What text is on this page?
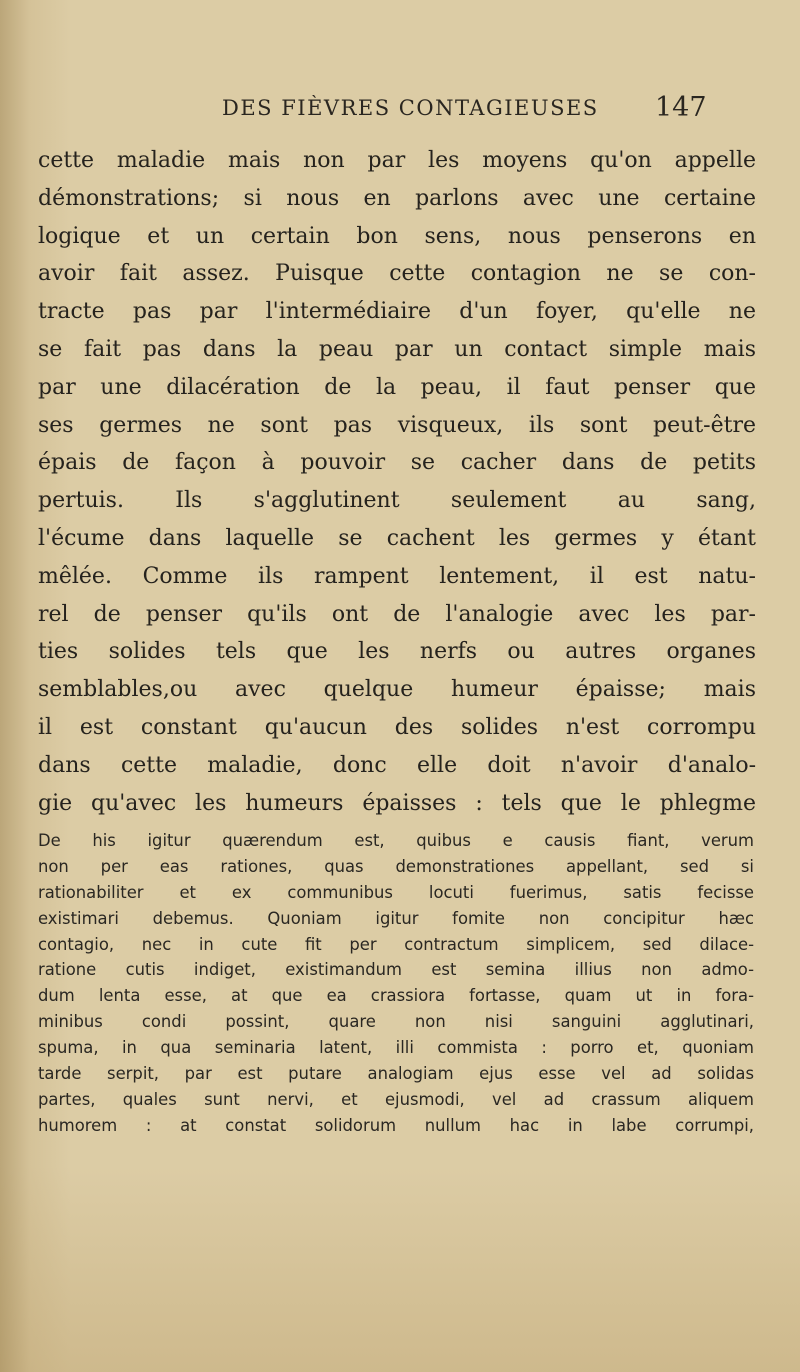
DES FIÈVRES CONTAGIEUSES 147
cette maladie mais non par les moyens qu'on appelle
démonstrations; si nous en parlons avec une certaine
logique et un certain bon sens, nous penserons en
avoir fait assez. Puisque cette contagion ne se con-
tracte pas par l'intermédiaire d'un foyer, qu'elle ne
se fait pas dans la peau par un contact simple mais
par une dilacération de la peau, il faut penser que
ses germes ne sont pas visqueux, ils sont peut-être
épais de façon à pouvoir se cacher dans de petits
pertuis. Ils s'agglutinent seulement au sang,
l'écume dans laquelle se cachent les germes y étant
mêlée. Comme ils rampent lentement, il est natu-
rel de penser qu'ils ont de l'analogie avec les par-
ties solides tels que les nerfs ou autres organes
semblables,ou avec quelque humeur épaisse; mais
il est constant qu'aucun des solides n'est corrompu
dans cette maladie, donc elle doit n'avoir d'analo-
gie qu'avec les humeurs épaisses : tels que le phlegme
De his igitur quærendum est, quibus e causis fiant, verum
non per eas rationes, quas demonstrationes appellant, sed si
rationabiliter et ex communibus locuti fuerimus, satis fecisse
existimari debemus. Quoniam igitur fomite non concipitur hæc
contagio, nec in cute fit per contractum simplicem, sed dilace-
ratione cutis indiget, existimandum est semina illius non admo-
dum lenta esse, at que ea crassiora fortasse, quam ut in fora-
minibus condi possint, quare non nisi sanguini agglutinari,
spuma, in qua seminaria latent, illi commista : porro et, quoniam
tarde serpit, par est putare analogiam ejus esse vel ad solidas
partes, quales sunt nervi, et ejusmodi, vel ad crassum aliquem
humorem : at constat solidorum nullum hac in labe corrumpi,
